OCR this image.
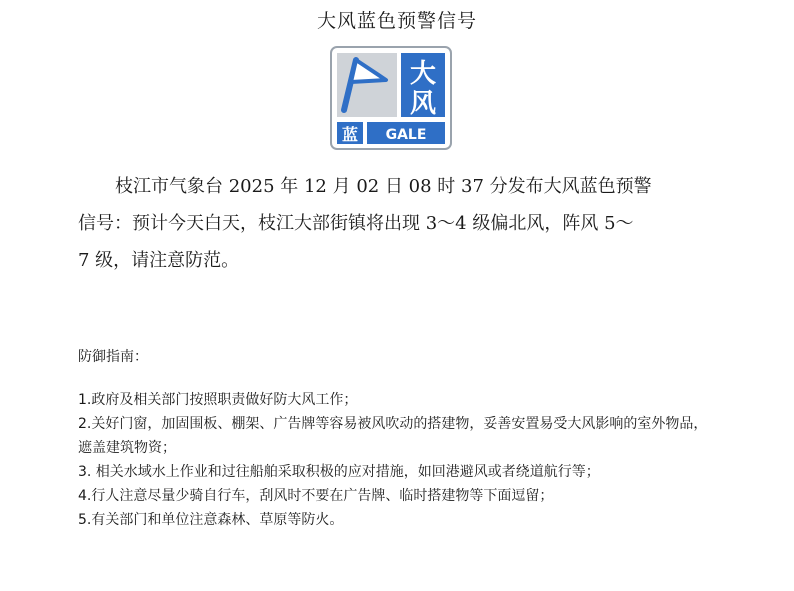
大风蓝色预警信号
大
风
蓝 GALE
枝江市气象台 2025 年 12 月 02 日 08 时 37 分发布大风蓝色预警
信号：预计今天白天，枝江大部街镇将出现 3～4 级偏北风，阵风 5～
7 级，请注意防范。
防御指南：
1.政府及相关部门按照职责做好防大风工作；
2.关好门窗，加固围板、棚架、广告牌等容易被风吹动的搭建物，妥善安置易受大风影响的室外物品，遮盖建筑物资；
3. 相关水域水上作业和过往船舶采取积极的应对措施，如回港避风或者绕道航行等；
4.行人注意尽量少骑自行车，刮风时不要在广告牌、临时搭建物等下面逗留；
5.有关部门和单位注意森林、草原等防火。
